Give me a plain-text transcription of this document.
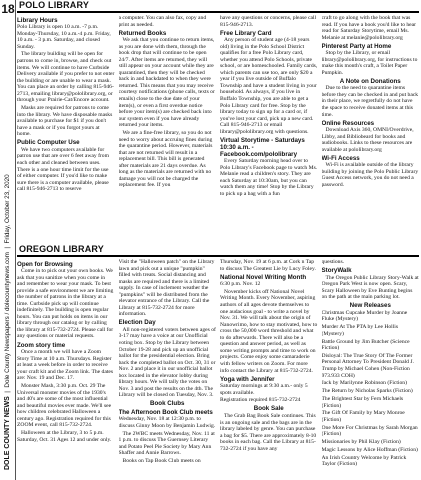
18
DOLE COUNTY NEWS  |  Dole County Newspapers / dolecountynews.com  |  Friday, October 23, 2020
POLO LIBRARY
Library Hours

Polo Library is open 10 a.m. -7 p.m. Monday-Thursday, 10 a.m.-4 p.m. Friday, 10 a.m. - 3 p.m. Saturday, and closed Sunday.

The library building will be open for patrons to come in, browse, and check out items. We will continue to have Curbside Delivery available if you prefer to not enter the building or are unable to wear a mask. You can place an order by calling 815-946-2713, emailing library@pololibrary.org, or through your Prairie-Cat/Encore account.

Masks are required for patrons to come into the library. We have disposable masks available to purchase for $1 if you don't have a mask or if you forgot yours at home.

Public Computer Use

We have two computers available for patron use that are over 6 feet away from each other and cleaned between uses. There is a one hour time limit for the use of either computer. If you'd like to make sure there is a computer available, please call 815-946-2713 to reserve

a computer. You can also fax, copy and print as needed.

Returned Books

We ask that you continue to return items, as you are done with them, through the book drop that will continue to be open 24/7. After items are returned, they will still appear on your account while they are quarantined, then they will be checked back in and backdated to when they were returned. This means that you may receive courtesy notifications (phone calls, texts or emails) close to the due date of your item(s), or even a first overdue notice before your item(s) are checked back into our system even if you have already returned your items.

We are a fine-free library, so you do not need to worry about accruing fines during the quarantine period. However, materials that are not returned will result in a replacement bill. This bill is generated after materials are 21 days overdue. As long as the materials are returned with no damage you will not be charged the replacement fee. If you

have any questions or concerns, please call 815-946-2713.

Free Library Card

Any person of student age (4-18 years old) living in the Polo School District qualifies for a free Polo Library card, whether you attend Polo Schools, private school, or are homeschooled. Family cards, which parents can use too, are only $20 a year if you live outside of Buffalo Township and have a student living in your household. As always, if you live in Buffalo Township, you are able to get a Polo Library card for free. Stop by the library today to sign up for a card or, if you've lost your card, pick up a new card. Call 815-946-2713 or email library@pololibrary.org with questions.

Virtual Storytime - Saturdays 10:30 a.m. - Facebook.com/pololibrary

Every Saturday morning head over to Polo Library's Facebook page to watch Ms. Melanie read a children's story. They are each Saturday at 10:30am, but you can watch them any time! Stop by the Library to pick up a bag with a fun

craft to go along with the book that was read. If you have a book you'd like to hear read for Saturday Storytime, email Ms. Melanie at melanie@pololibrary.org

Pinterest Party at Home

Stop by the Library, or email library@pololibrary.org, for instructions to make this month's craft, a Toilet Paper Pumpkin.

A Note on Donations

Due to the need to quarantine items before they can be checked in and put back in their place, we regretfully do not have the space to receive donated items at this time.

Online Resources

Download Axis 360, OMNI/Overdrive, Libby, and Bibliobeard for books and audiobooks. Links to these resources are available at pololibrary.org

Wi-Fi Access

Wi-Fi is available outside of the library building by joining the Polo Public Library Guest Access network, you do not need a password.

OREGON LIBRARY
Open for Browsing

Come in to pick out your own books. We ask that you sanitize when you come in and remember to wear your mask. To best provide a safe environment we are limiting the number of patrons in the library at a time. Curbside pick up will continue indefinitely. The building is open regular hours. You can put holds on items in our library through our catalog or by calling the library at 815-732-2724. Please call for any questions or material requests.

Zoom story time

Once a month we will have a Zoom Story Time at 10 a.m. Thursdays. Register at least a week before in order to receive your craft kit and the Zoom link. The dates are: Nov. 19 and Dec. 17.

Monster Mash, 3:30 p.m. Oct. 29 The Universal monster movies of the 1930's and 40's are some of the most influential and beautiful movies ever made. We'll see how children celebrated Halloween a century ago. Registration required for this ZOOM event, call 815-732-2724.

Halloween at the Library, 3 to 5 p.m. Saturday, Oct. 31 Ages 12 and under only.

Visit the "Halloween patch" on the Library lawn and pick out a unique "pumpkin" filled with treats. Social distancing and masks are required and there is a limited supply. In case of inclement weather the "pumpkins" will be distributed from the elevator entrance of the Library. Call the Library at 815-732-2724 for more information.

Election Day

All non-registered voters between ages of 3-17 may have a voice at our Unofficial voting box. Stop by the Library between October 19-28 and pick up an unofficial ballot for the presidential election. Bring back the completed ballot on Oct. 30, 31 or Nov. 2 and place it in our unofficial ballot box located in the elevator lobby during library hours. We will tally the votes on Nov. 3 and post the results on the 4th. The Library will be closed on Tuesday, Nov. 3.

Book Clubs
The Afternoon Book Club meets

Wednesday, Nov. 18 at 12:30 p.m. to discuss Ginny Moon by Benjamin Ludwig.

The 2WBC meets Wednesday, Nov. 11 at 1 p.m. to discuss The Guernsey Literary and Potato Peel Pie Society by Mary Ann Shaffer and Annie Barrows.

Books on Tap Book Club meets on

Thursday, Nov. 19 at 6 p.m. at Cork n Tap to discuss The Greatest Lie by Lucy Foley.

National Novel Writing Month

6:30 p.m. Nov. 12

November kicks off National Novel Writing Month. Every November, aspiring authors of all ages devote themselves to one audacious goal - to write a novel by Nov. 31. We will talk about the origin of Nanowrimo, how to stay motivated, how to cross the 50,000 word threshold and what to do afterwards. There will also be a question and answer period, as well as some writing prompts and time to work on projects. Come enjoy some camaraderie with fellow writers on Zoom. For more info contact the Library at 815-732-2724.

Yoga with Jennifer

Saturday mornings at 9:30 a.m.- only 5 spots available.

Registration required 815-732-2724

Book Sale

The Grab Bag Book Sale continues. This is an ongoing sale and the bags are in the library labeled by genre. You can purchase a bag for $5. There are approximately 8-10 books in each bag. Call the Library at 815-732-2724 if you have any

questions.

StoryWalk

The Oregon Public Library Story-Walk at Oregon Park West is now open. Scary, Scary Halloween by Eve Bunting begins on the path at the main parking lot.

New Releases

Christmas Cupcake Murder by Joanne Fluke (Mystery)

Murder At The PTA by Lee Hollis (Mystery)

Battle Ground by Jim Butcher (Science Fiction)

Disloyal: The True Story Of The Former Personal Attorney To President Donald J. Trump by Michael Cohen (Non-Fiction 973.933 COH)

Jack by Marilynne Robinson (Fiction)

The Return by Nicholas Sparks (Fiction)

The Brightest Star by Fern Michaels (Fiction)

The Gift Of Family by Mary Monroe (Fiction)

One More For Christmas by Sarah Morgan (Fiction)

Missionaries by Phil Klay (Fiction)

Magic Lessons by Alice Hoffman (Fiction)

An Irish Country Welcome by Patrick Taylor (Fiction)
